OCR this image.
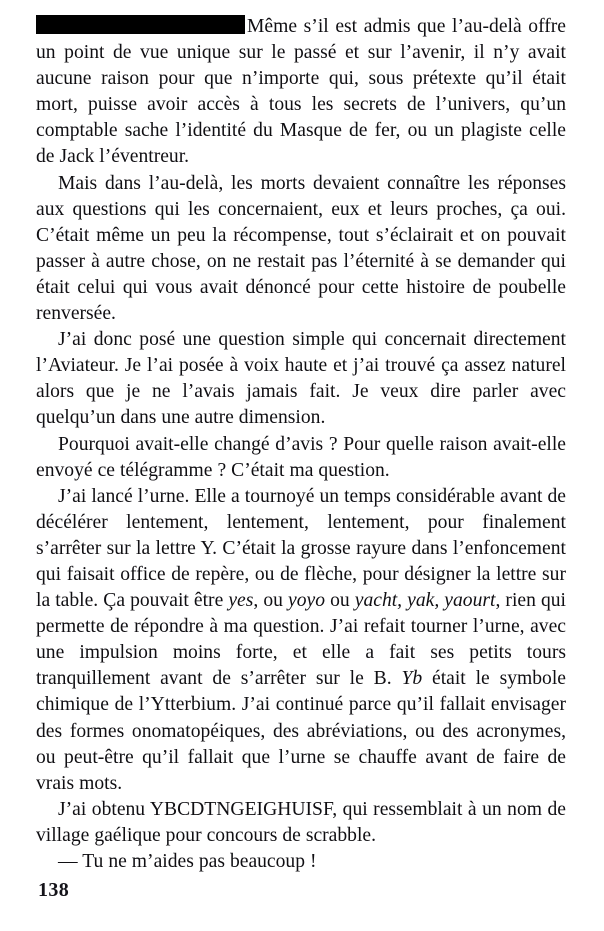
Même s’il est admis que l’au-delà offre un point de vue unique sur le passé et sur l’avenir, il n’y avait aucune raison pour que n’importe qui, sous prétexte qu’il était mort, puisse avoir accès à tous les secrets de l’univers, qu’un comptable sache l’identité du Masque de fer, ou un plagiste celle de Jack l’éventreur.

Mais dans l’au-delà, les morts devaient connaître les réponses aux questions qui les concernaient, eux et leurs proches, ça oui. C’était même un peu la récompense, tout s’éclairait et on pouvait passer à autre chose, on ne restait pas l’éternité à se demander qui était celui qui vous avait dénoncé pour cette histoire de poubelle renversée.

J’ai donc posé une question simple qui concernait directement l’Aviateur. Je l’ai posée à voix haute et j’ai trouvé ça assez naturel alors que je ne l’avais jamais fait. Je veux dire parler avec quelqu’un dans une autre dimension.

Pourquoi avait-elle changé d’avis ? Pour quelle raison avait-elle envoyé ce télégramme ? C’était ma question.

J’ai lancé l’urne. Elle a tournoyé un temps considérable avant de décélérer lentement, lentement, lentement, pour finalement s’arrêter sur la lettre Y. C’était la grosse rayure dans l’enfoncement qui faisait office de repère, ou de flèche, pour désigner la lettre sur la table. Ça pouvait être yes, ou yoyo ou yacht, yak, yaourt, rien qui permette de répondre à ma question. J’ai refait tourner l’urne, avec une impulsion moins forte, et elle a fait ses petits tours tranquillement avant de s’arrêter sur le B. Yb était le symbole chimique de l’Ytterbium. J’ai continué parce qu’il fallait envisager des formes onomatopéiques, des abréviations, ou des acronymes, ou peut-être qu’il fallait que l’urne se chauffe avant de faire de vrais mots.

J’ai obtenu YBCDTNGEIGHUISF, qui ressemblait à un nom de village gaélique pour concours de scrabble.

— Tu ne m’aides pas beaucoup !

138
